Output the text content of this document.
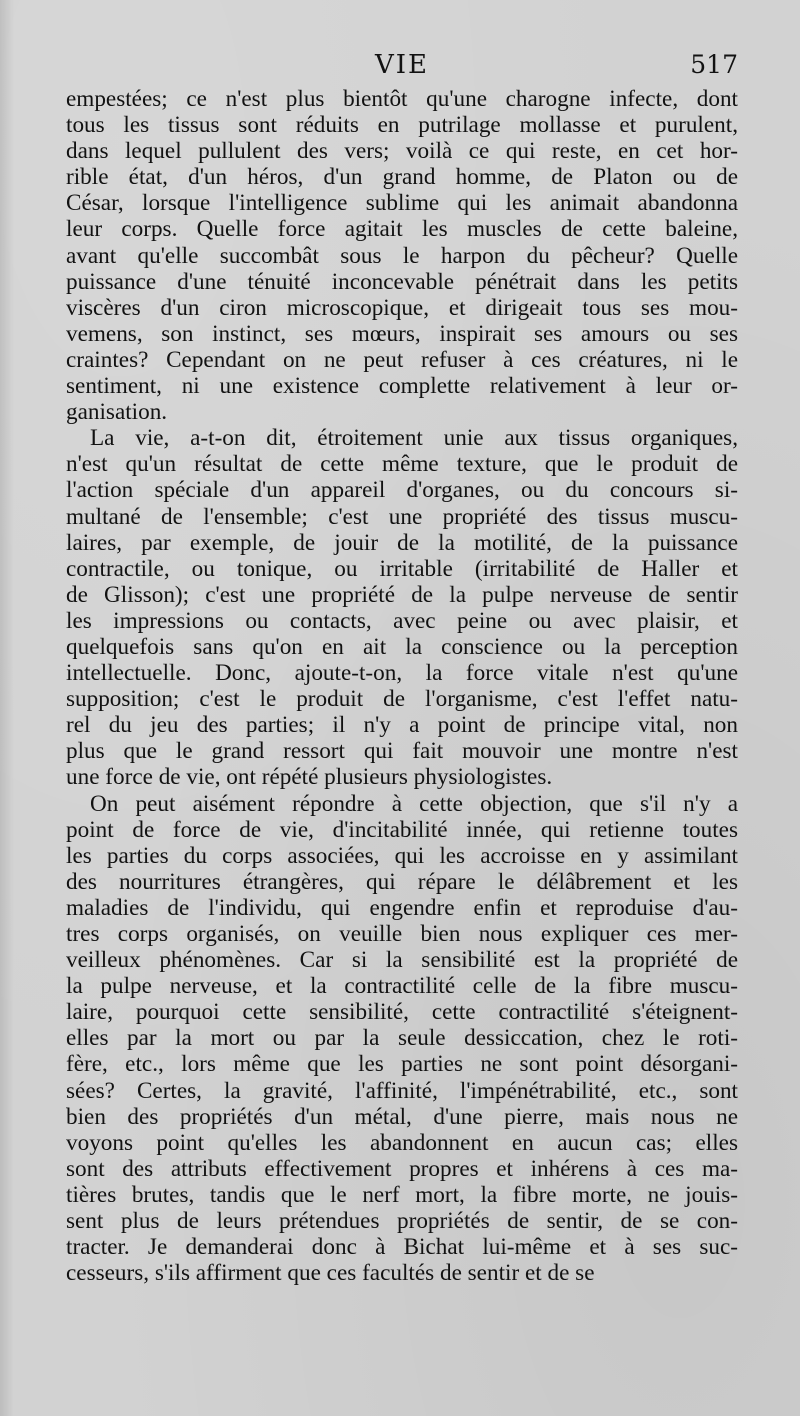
VIE	517
empestées; ce n'est plus bientôt qu'une charogne infecte, dont
tous les tissus sont réduits en putrilage mollasse et purulent,
dans lequel pullulent des vers; voilà ce qui reste, en cet hor-
rible état, d'un héros, d'un grand homme, de Platon ou de
César, lorsque l'intelligence sublime qui les animait abandonna
leur corps. Quelle force agitait les muscles de cette baleine,
avant qu'elle succombât sous le harpon du pêcheur? Quelle
puissance d'une ténuité inconcevable pénétrait dans les petits
viscères d'un ciron microscopique, et dirigeait tous ses mou-
vemens, son instinct, ses mœurs, inspirait ses amours ou ses
craintes? Cependant on ne peut refuser à ces créatures, ni le
sentiment, ni une existence complette relativement à leur or-
ganisation.
La vie, a-t-on dit, étroitement unie aux tissus organiques,
n'est qu'un résultat de cette même texture, que le produit de
l'action spéciale d'un appareil d'organes, ou du concours si-
multané de l'ensemble; c'est une propriété des tissus muscu-
laires, par exemple, de jouir de la motilité, de la puissance
contractile, ou tonique, ou irritable (irritabilité de Haller et
de Glisson); c'est une propriété de la pulpe nerveuse de sentir
les impressions ou contacts, avec peine ou avec plaisir, et
quelquefois sans qu'on en ait la conscience ou la perception
intellectuelle. Donc, ajoute-t-on, la force vitale n'est qu'une
supposition; c'est le produit de l'organisme, c'est l'effet natu-
rel du jeu des parties; il n'y a point de principe vital, non
plus que le grand ressort qui fait mouvoir une montre n'est
une force de vie, ont répété plusieurs physiologistes.
On peut aisément répondre à cette objection, que s'il n'y a
point de force de vie, d'incitabilité innée, qui retienne toutes
les parties du corps associées, qui les accroisse en y assimilant
des nourritures étrangères, qui répare le délâbrement et les
maladies de l'individu, qui engendre enfin et reproduise d'au-
tres corps organisés, on veuille bien nous expliquer ces mer-
veilleux phénomènes. Car si la sensibilité est la propriété de
la pulpe nerveuse, et la contractilité celle de la fibre muscu-
laire, pourquoi cette sensibilité, cette contractilité s'éteignent-
elles par la mort ou par la seule dessiccation, chez le roti-
fère, etc., lors même que les parties ne sont point désorgani-
sées? Certes, la gravité, l'affinité, l'impénétrabilité, etc., sont
bien des propriétés d'un métal, d'une pierre, mais nous ne
voyons point qu'elles les abandonnent en aucun cas; elles
sont des attributs effectivement propres et inhérens à ces ma-
tières brutes, tandis que le nerf mort, la fibre morte, ne jouis-
sent plus de leurs prétendues propriétés de sentir, de se con-
tracter. Je demanderai donc à Bichat lui-même et à ses suc-
cesseurs, s'ils affirment que ces facultés de sentir et de se
